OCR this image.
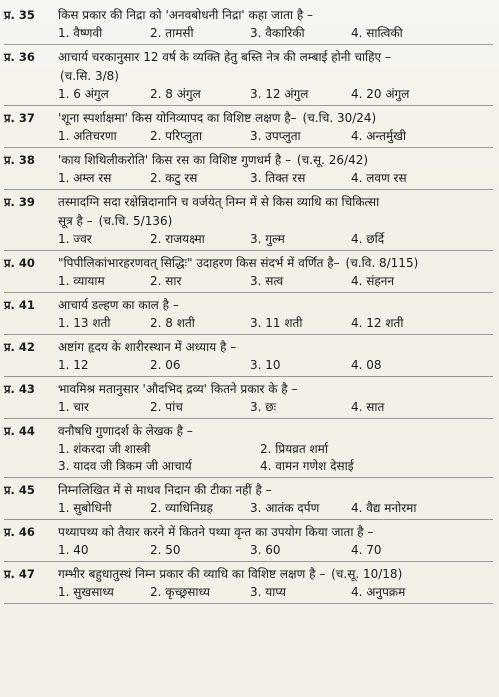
प्र. 35	किस प्रकार की निद्रा को 'अनवबोधनी निद्रा' कहा जाता है –
1. वैष्णवी	2. तामसी	3. वैकारिकी	4. सात्विकी
प्र. 36	आचार्य चरकानुसार 12 वर्ष के व्यक्ति हेतु बस्ति नेत्र की लम्बाई होनी चाहिए –
(च.सि. 3/8)
1. 6 अंगुल	2. 8 अंगुल	3. 12 अंगुल	4. 20 अंगुल
प्र. 37	'शूना स्पर्शाक्षमा' किस योनिव्यापद का विशिष्ट लक्षण है– (च.चि. 30/24)
1. अतिचरणा	2. परिप्लुता	3. उपप्लुता	4. अन्तर्मुखी
प्र. 38	'काय शिथिलीकरोति' किस रस का विशिष्ट गुणधर्म है – (च.सू. 26/42)
1. अम्ल रस	2. कटु रस	3. तिक्त रस	4. लवण रस
प्र. 39	तस्मादग्नि सदा रक्षेन्निदानानि च वर्जयेत् निम्न में से किस व्याधि का चिकित्सा
सूत्र है – (च.चि. 5/136)
1. ज्वर	2. राजयक्ष्मा	3. गुल्म	4. छर्दि
प्र. 40	"पिपीलिकांभारहरणवत् सिद्धिः" उदाहरण किस संदर्भ में वर्णित है– (च.वि. 8/115)
1. व्यायाम	2. सार	3. सत्व	4. संहनन
प्र. 41	आचार्य डल्हण का काल है –
1. 13 शती	2. 8 शती	3. 11 शती	4. 12 शती
प्र. 42	अष्टांग हृदय के शारीरस्थान में अध्याय है –
1. 12	2. 06	3. 10	4. 08
प्र. 43	भावमिश्र मतानुसार 'औदभिद द्रव्य' कितने प्रकार के है –
1. चार	2. पांच	3. छः	4. सात
प्र. 44	वनौषधि गुणादर्श के लेखक है –
1. शंकरदा जी शास्त्री	2. प्रियव्रत शर्मा
3. यादव जी त्रिकम जी आचार्य	4. वामन गणेश देसाई
प्र. 45	निम्नलिखित में से माधव निदान की टीका नहीं है –
1. सुबोधिनी	2. व्याधिनिग्रह	3. आतंक दर्पण	4. वैद्य मनोरमा
प्र. 46	पथ्यापथ्य को तैयार करने में कितने पथ्या वृन्त का उपयोग किया जाता है –
1. 40	2. 50	3. 60	4. 70
प्र. 47	गम्भीर बहुधातुस्थं निम्न प्रकार की व्याधि का विशिष्ट लक्षण है – (च.सू. 10/18)
1. सुखसाध्य	2. कृच्छ्रसाध्य	3. याप्य	4. अनुपक्रम
